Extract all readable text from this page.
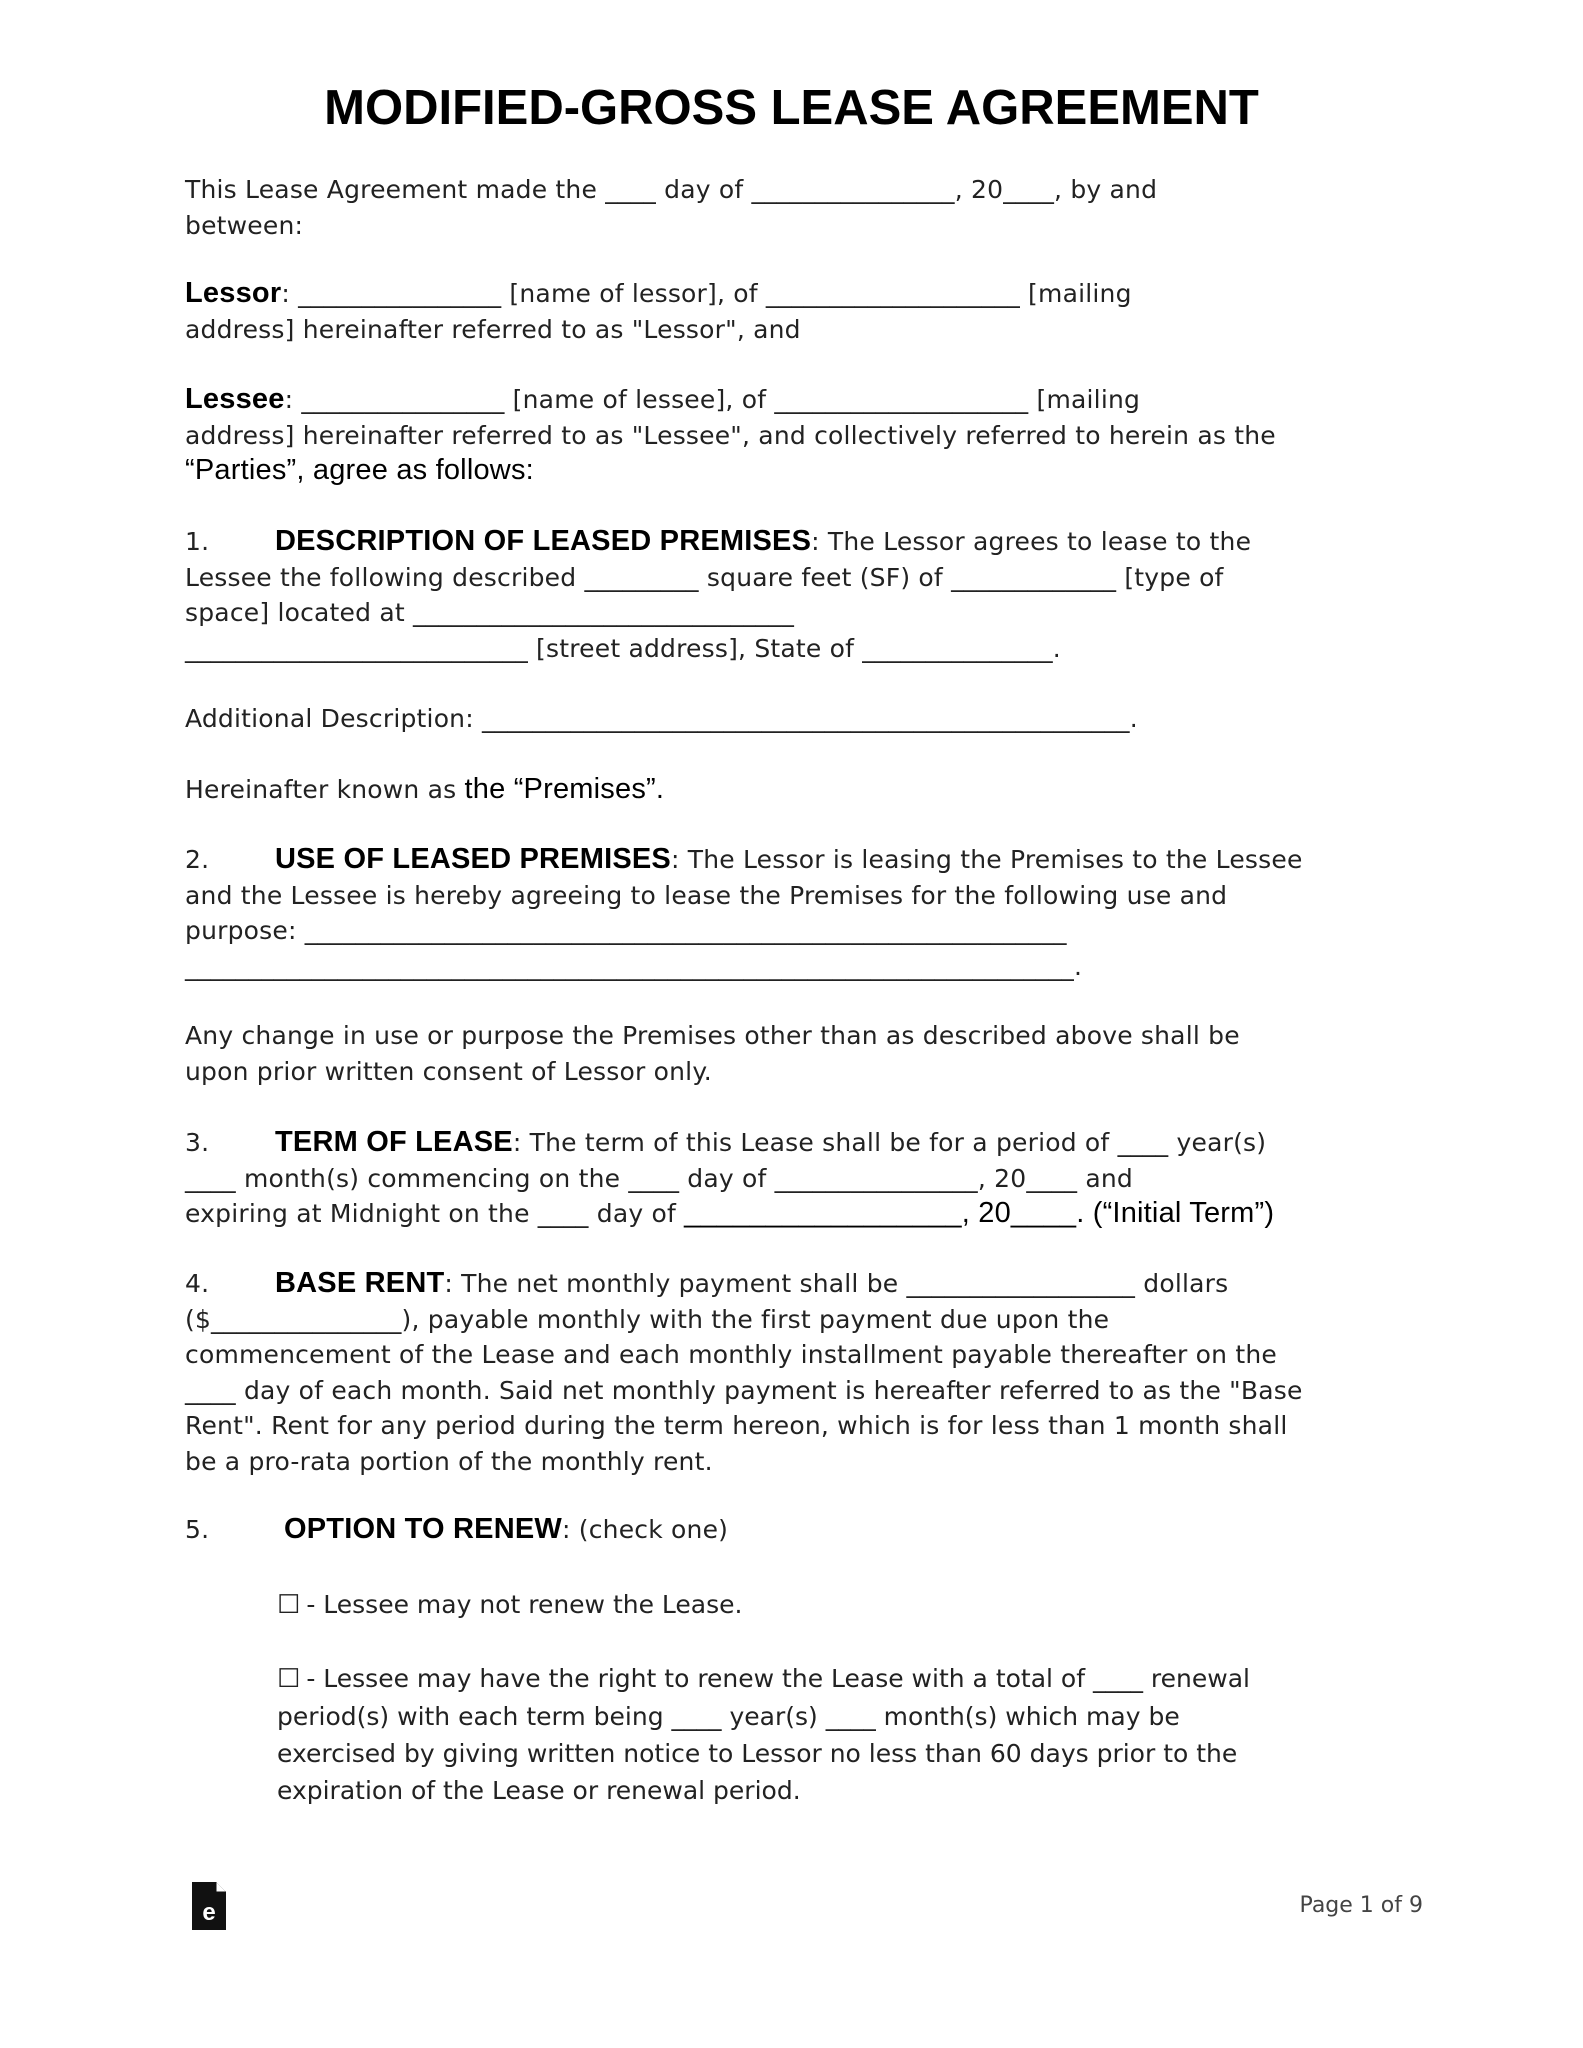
MODIFIED-GROSS LEASE AGREEMENT
This Lease Agreement made the ____ day of ________________, 20____, by and
between:
Lessor: ________________ [name of lessor], of ____________________ [mailing
address] hereinafter referred to as "Lessor", and
Lessee: ________________ [name of lessee], of ____________________ [mailing
address] hereinafter referred to as "Lessee", and collectively referred to herein as the
“Parties”, agree as follows:
1. DESCRIPTION OF LEASED PREMISES: The Lessor agrees to lease to the
Lessee the following described _________ square feet (SF) of _____________ [type of
space] located at ______________________________
___________________________ [street address], State of _______________.
Additional Description: ___________________________________________________.
Hereinafter known as the “Premises”.
2. USE OF LEASED PREMISES: The Lessor is leasing the Premises to the Lessee
and the Lessee is hereby agreeing to lease the Premises for the following use and
purpose: ____________________________________________________________
______________________________________________________________________.
Any change in use or purpose the Premises other than as described above shall be
upon prior written consent of Lessor only.
3. TERM OF LEASE: The term of this Lease shall be for a period of ____ year(s)
____ month(s) commencing on the ____ day of ________________, 20____ and
expiring at Midnight on the ____ day of _________________, 20____. (“Initial Term”)
4. BASE RENT: The net monthly payment shall be __________________ dollars
($_______________), payable monthly with the first payment due upon the
commencement of the Lease and each monthly installment payable thereafter on the
____ day of each month. Said net monthly payment is hereafter referred to as the "Base
Rent". Rent for any period during the term hereon, which is for less than 1 month shall
be a pro-rata portion of the monthly rent.
5.	OPTION TO RENEW: (check one)
☐ - Lessee may not renew the Lease.
☐ - Lessee may have the right to renew the Lease with a total of ____ renewal
period(s) with each term being ____ year(s) ____ month(s) which may be
exercised by giving written notice to Lessor no less than 60 days prior to the
expiration of the Lease or renewal period.
e	Page 1 of 9
